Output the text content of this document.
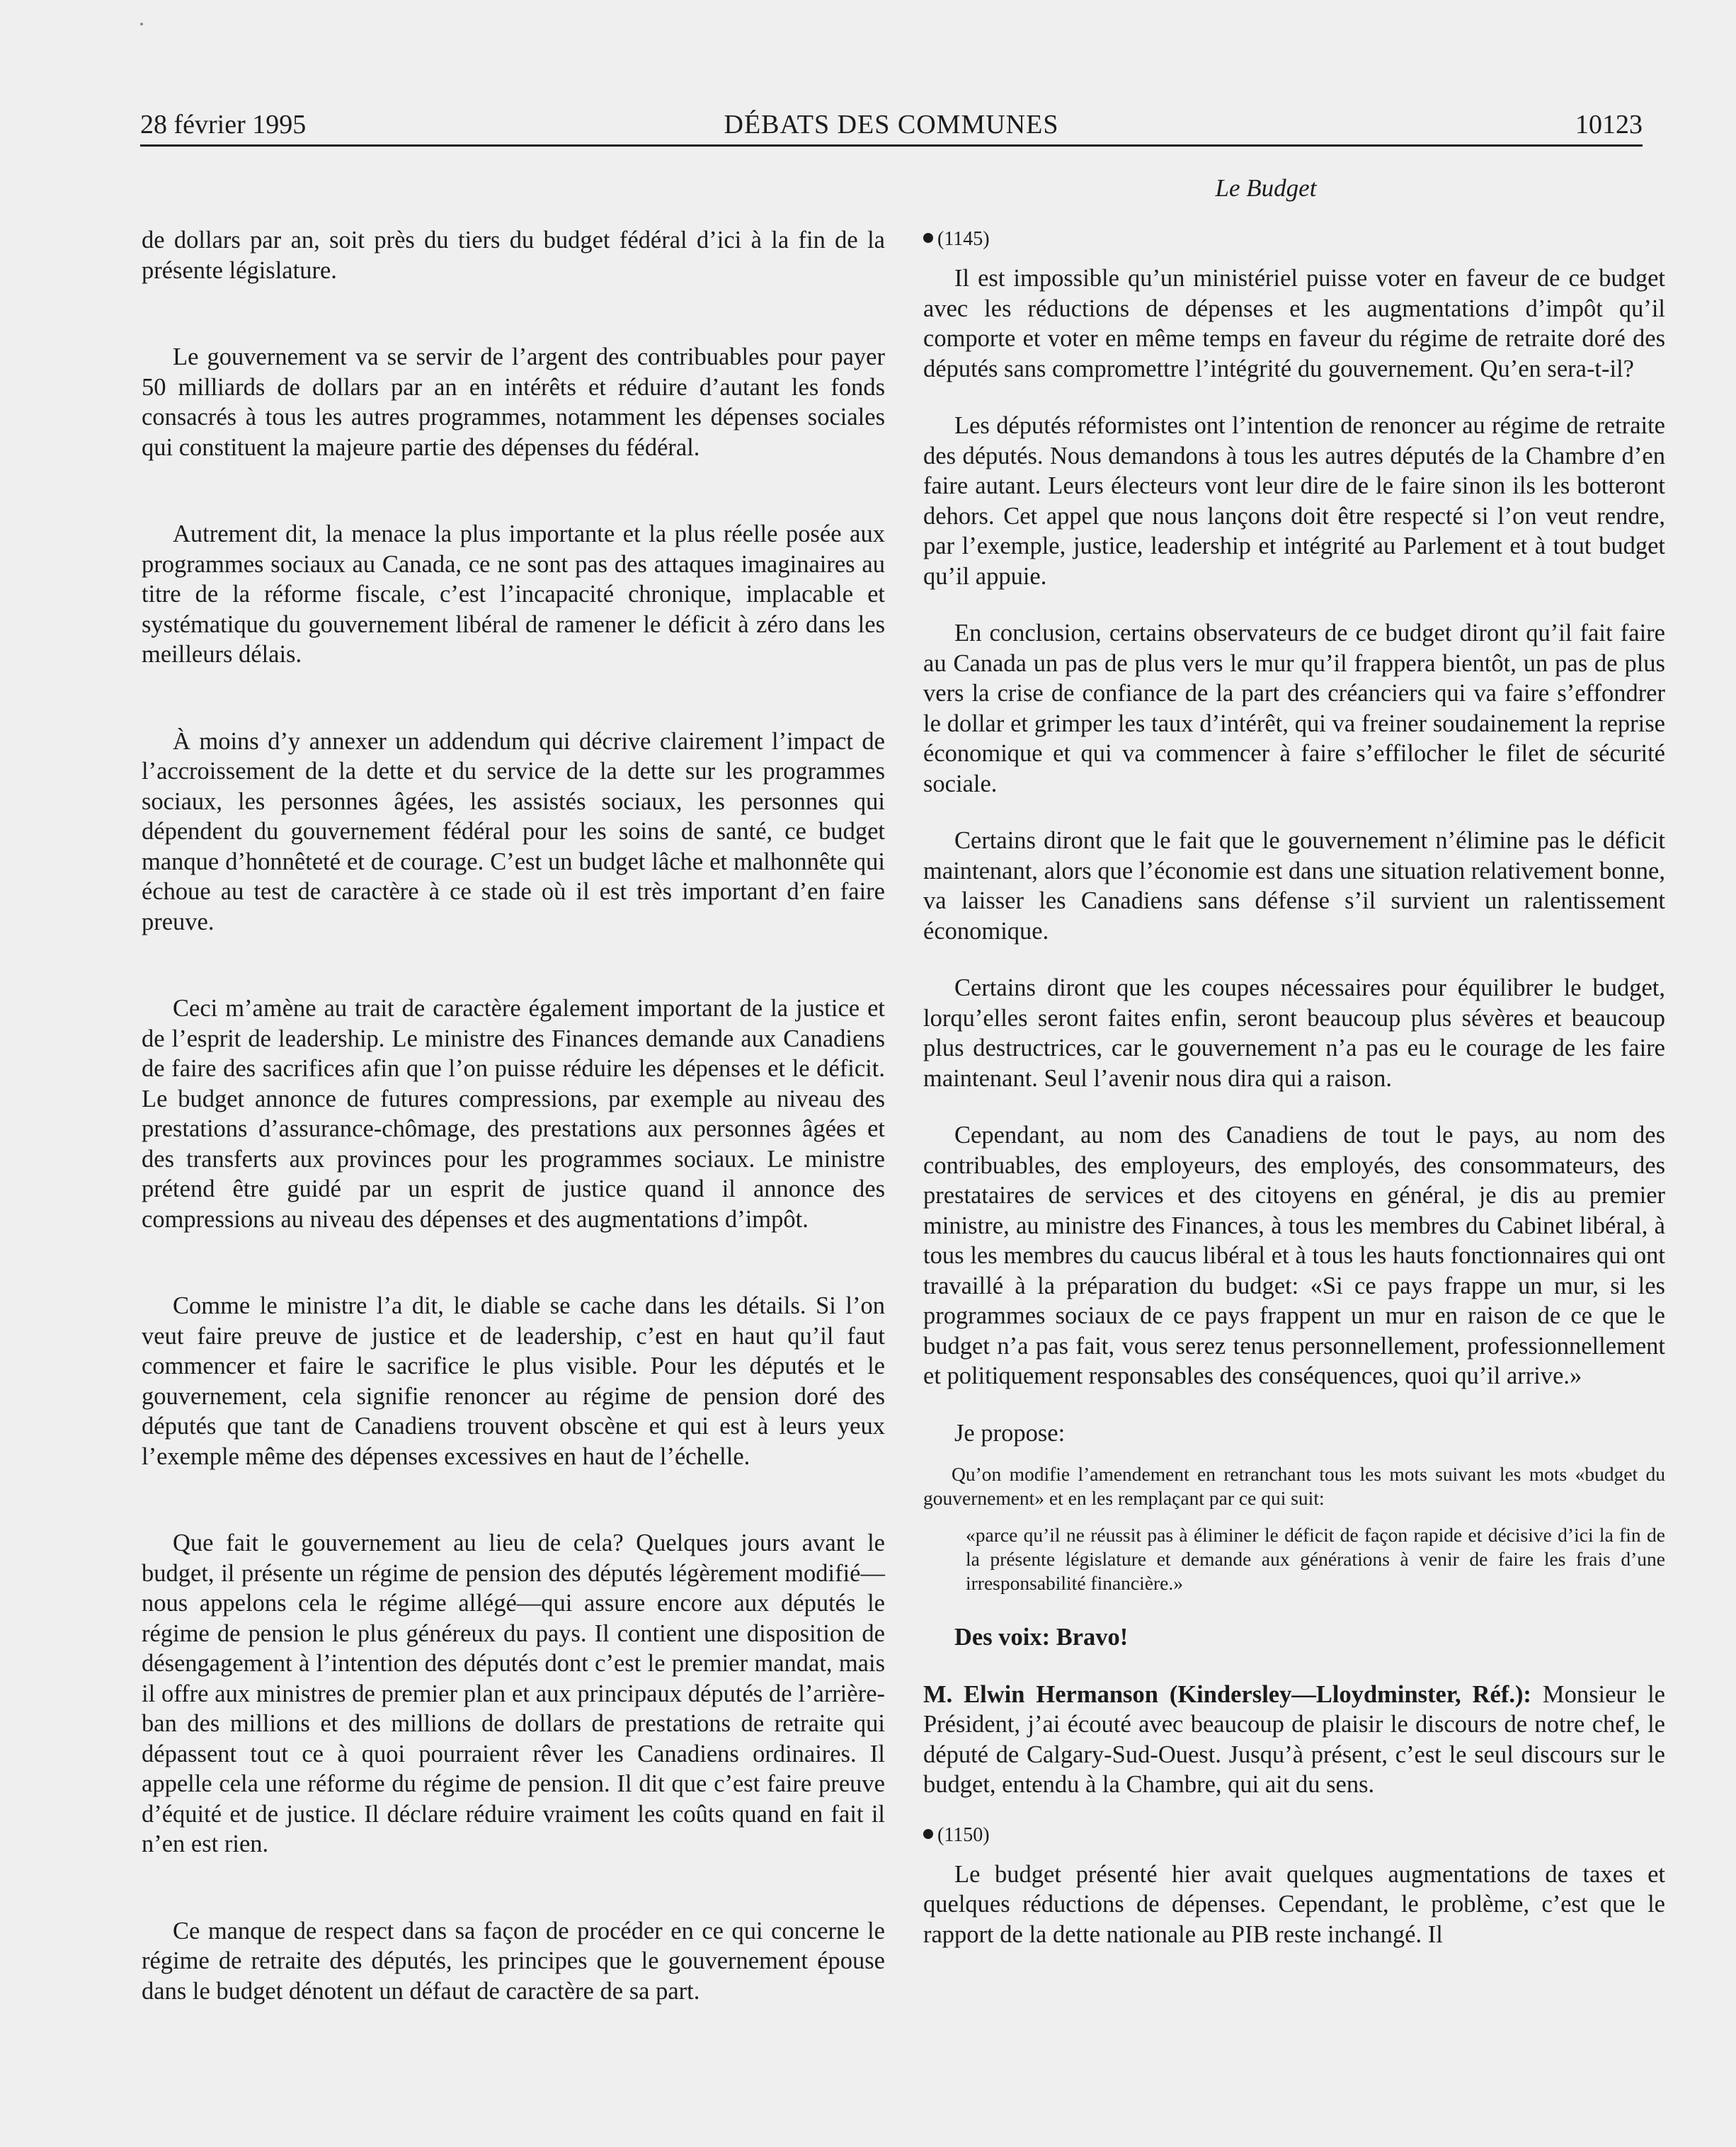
28 février 1995	DÉBATS DES COMMUNES	10123
Le Budget

de dollars par an, soit près du tiers du budget fédéral d’ici à la fin de la présente législature.

Le gouvernement va se servir de l’argent des contribuables pour payer 50 milliards de dollars par an en intérêts et réduire d’autant les fonds consacrés à tous les autres programmes, notamment les dépenses sociales qui constituent la majeure partie des dépenses du fédéral.

Autrement dit, la menace la plus importante et la plus réelle posée aux programmes sociaux au Canada, ce ne sont pas des attaques imaginaires au titre de la réforme fiscale, c’est l’incapacité chronique, implacable et systématique du gouvernement libéral de ramener le déficit à zéro dans les meilleurs délais.

À moins d’y annexer un addendum qui décrive clairement l’impact de l’accroissement de la dette et du service de la dette sur les programmes sociaux, les personnes âgées, les assistés sociaux, les personnes qui dépendent du gouvernement fédéral pour les soins de santé, ce budget manque d’honnêteté et de courage. C’est un budget lâche et malhonnête qui échoue au test de caractère à ce stade où il est très important d’en faire preuve.

Ceci m’amène au trait de caractère également important de la justice et de l’esprit de leadership. Le ministre des Finances demande aux Canadiens de faire des sacrifices afin que l’on puisse réduire les dépenses et le déficit. Le budget annonce de futures compressions, par exemple au niveau des prestations d’assurance-chômage, des prestations aux personnes âgées et des transferts aux provinces pour les programmes sociaux. Le ministre prétend être guidé par un esprit de justice quand il annonce des compressions au niveau des dépenses et des augmentations d’impôt.

Comme le ministre l’a dit, le diable se cache dans les détails. Si l’on veut faire preuve de justice et de leadership, c’est en haut qu’il faut commencer et faire le sacrifice le plus visible. Pour les députés et le gouvernement, cela signifie renoncer au régime de pension doré des députés que tant de Canadiens trouvent obscène et qui est à leurs yeux l’exemple même des dépenses excessives en haut de l’échelle.

Que fait le gouvernement au lieu de cela? Quelques jours avant le budget, il présente un régime de pension des députés légèrement modifié—nous appelons cela le régime allégé—qui assure encore aux députés le régime de pension le plus généreux du pays. Il contient une disposition de désengagement à l’intention des députés dont c’est le premier mandat, mais il offre aux ministres de premier plan et aux principaux députés de l’arrière-ban des millions et des millions de dollars de prestations de retraite qui dépassent tout ce à quoi pourraient rêver les Canadiens ordinaires. Il appelle cela une réforme du régime de pension. Il dit que c’est faire preuve d’équité et de justice. Il déclare réduire vraiment les coûts quand en fait il n’en est rien.

Ce manque de respect dans sa façon de procéder en ce qui concerne le régime de retraite des députés, les principes que le gouvernement épouse dans le budget dénotent un défaut de caractère de sa part.

(1145)

Il est impossible qu’un ministériel puisse voter en faveur de ce budget avec les réductions de dépenses et les augmentations d’impôt qu’il comporte et voter en même temps en faveur du régime de retraite doré des députés sans compromettre l’intégrité du gouvernement. Qu’en sera-t-il?

Les députés réformistes ont l’intention de renoncer au régime de retraite des députés. Nous demandons à tous les autres députés de la Chambre d’en faire autant. Leurs électeurs vont leur dire de le faire sinon ils les botteront dehors. Cet appel que nous lançons doit être respecté si l’on veut rendre, par l’exemple, justice, leadership et intégrité au Parlement et à tout budget qu’il appuie.

En conclusion, certains observateurs de ce budget diront qu’il fait faire au Canada un pas de plus vers le mur qu’il frappera bientôt, un pas de plus vers la crise de confiance de la part des créanciers qui va faire s’effondrer le dollar et grimper les taux d’intérêt, qui va freiner soudainement la reprise économique et qui va commencer à faire s’effilocher le filet de sécurité sociale.

Certains diront que le fait que le gouvernement n’élimine pas le déficit maintenant, alors que l’économie est dans une situation relativement bonne, va laisser les Canadiens sans défense s’il survient un ralentissement économique.

Certains diront que les coupes nécessaires pour équilibrer le budget, lorqu’elles seront faites enfin, seront beaucoup plus sévères et beaucoup plus destructrices, car le gouvernement n’a pas eu le courage de les faire maintenant. Seul l’avenir nous dira qui a raison.

Cependant, au nom des Canadiens de tout le pays, au nom des contribuables, des employeurs, des employés, des consommateurs, des prestataires de services et des citoyens en général, je dis au premier ministre, au ministre des Finances, à tous les membres du Cabinet libéral, à tous les membres du caucus libéral et à tous les hauts fonctionnaires qui ont travaillé à la préparation du budget: «Si ce pays frappe un mur, si les programmes sociaux de ce pays frappent un mur en raison de ce que le budget n’a pas fait, vous serez tenus personnellement, professionnellement et politiquement responsables des conséquences, quoi qu’il arrive.»

Je propose:

Qu’on modifie l’amendement en retranchant tous les mots suivant les mots «budget du gouvernement» et en les remplaçant par ce qui suit:

«parce qu’il ne réussit pas à éliminer le déficit de façon rapide et décisive d’ici la fin de la présente législature et demande aux générations à venir de faire les frais d’une irresponsabilité financière.»

Des voix: Bravo!

M. Elwin Hermanson (Kindersley—Lloydminster, Réf.): Monsieur le Président, j’ai écouté avec beaucoup de plaisir le discours de notre chef, le député de Calgary-Sud-Ouest. Jusqu’à présent, c’est le seul discours sur le budget, entendu à la Chambre, qui ait du sens.

(1150)

Le budget présenté hier avait quelques augmentations de taxes et quelques réductions de dépenses. Cependant, le problème, c’est que le rapport de la dette nationale au PIB reste inchangé. Il
